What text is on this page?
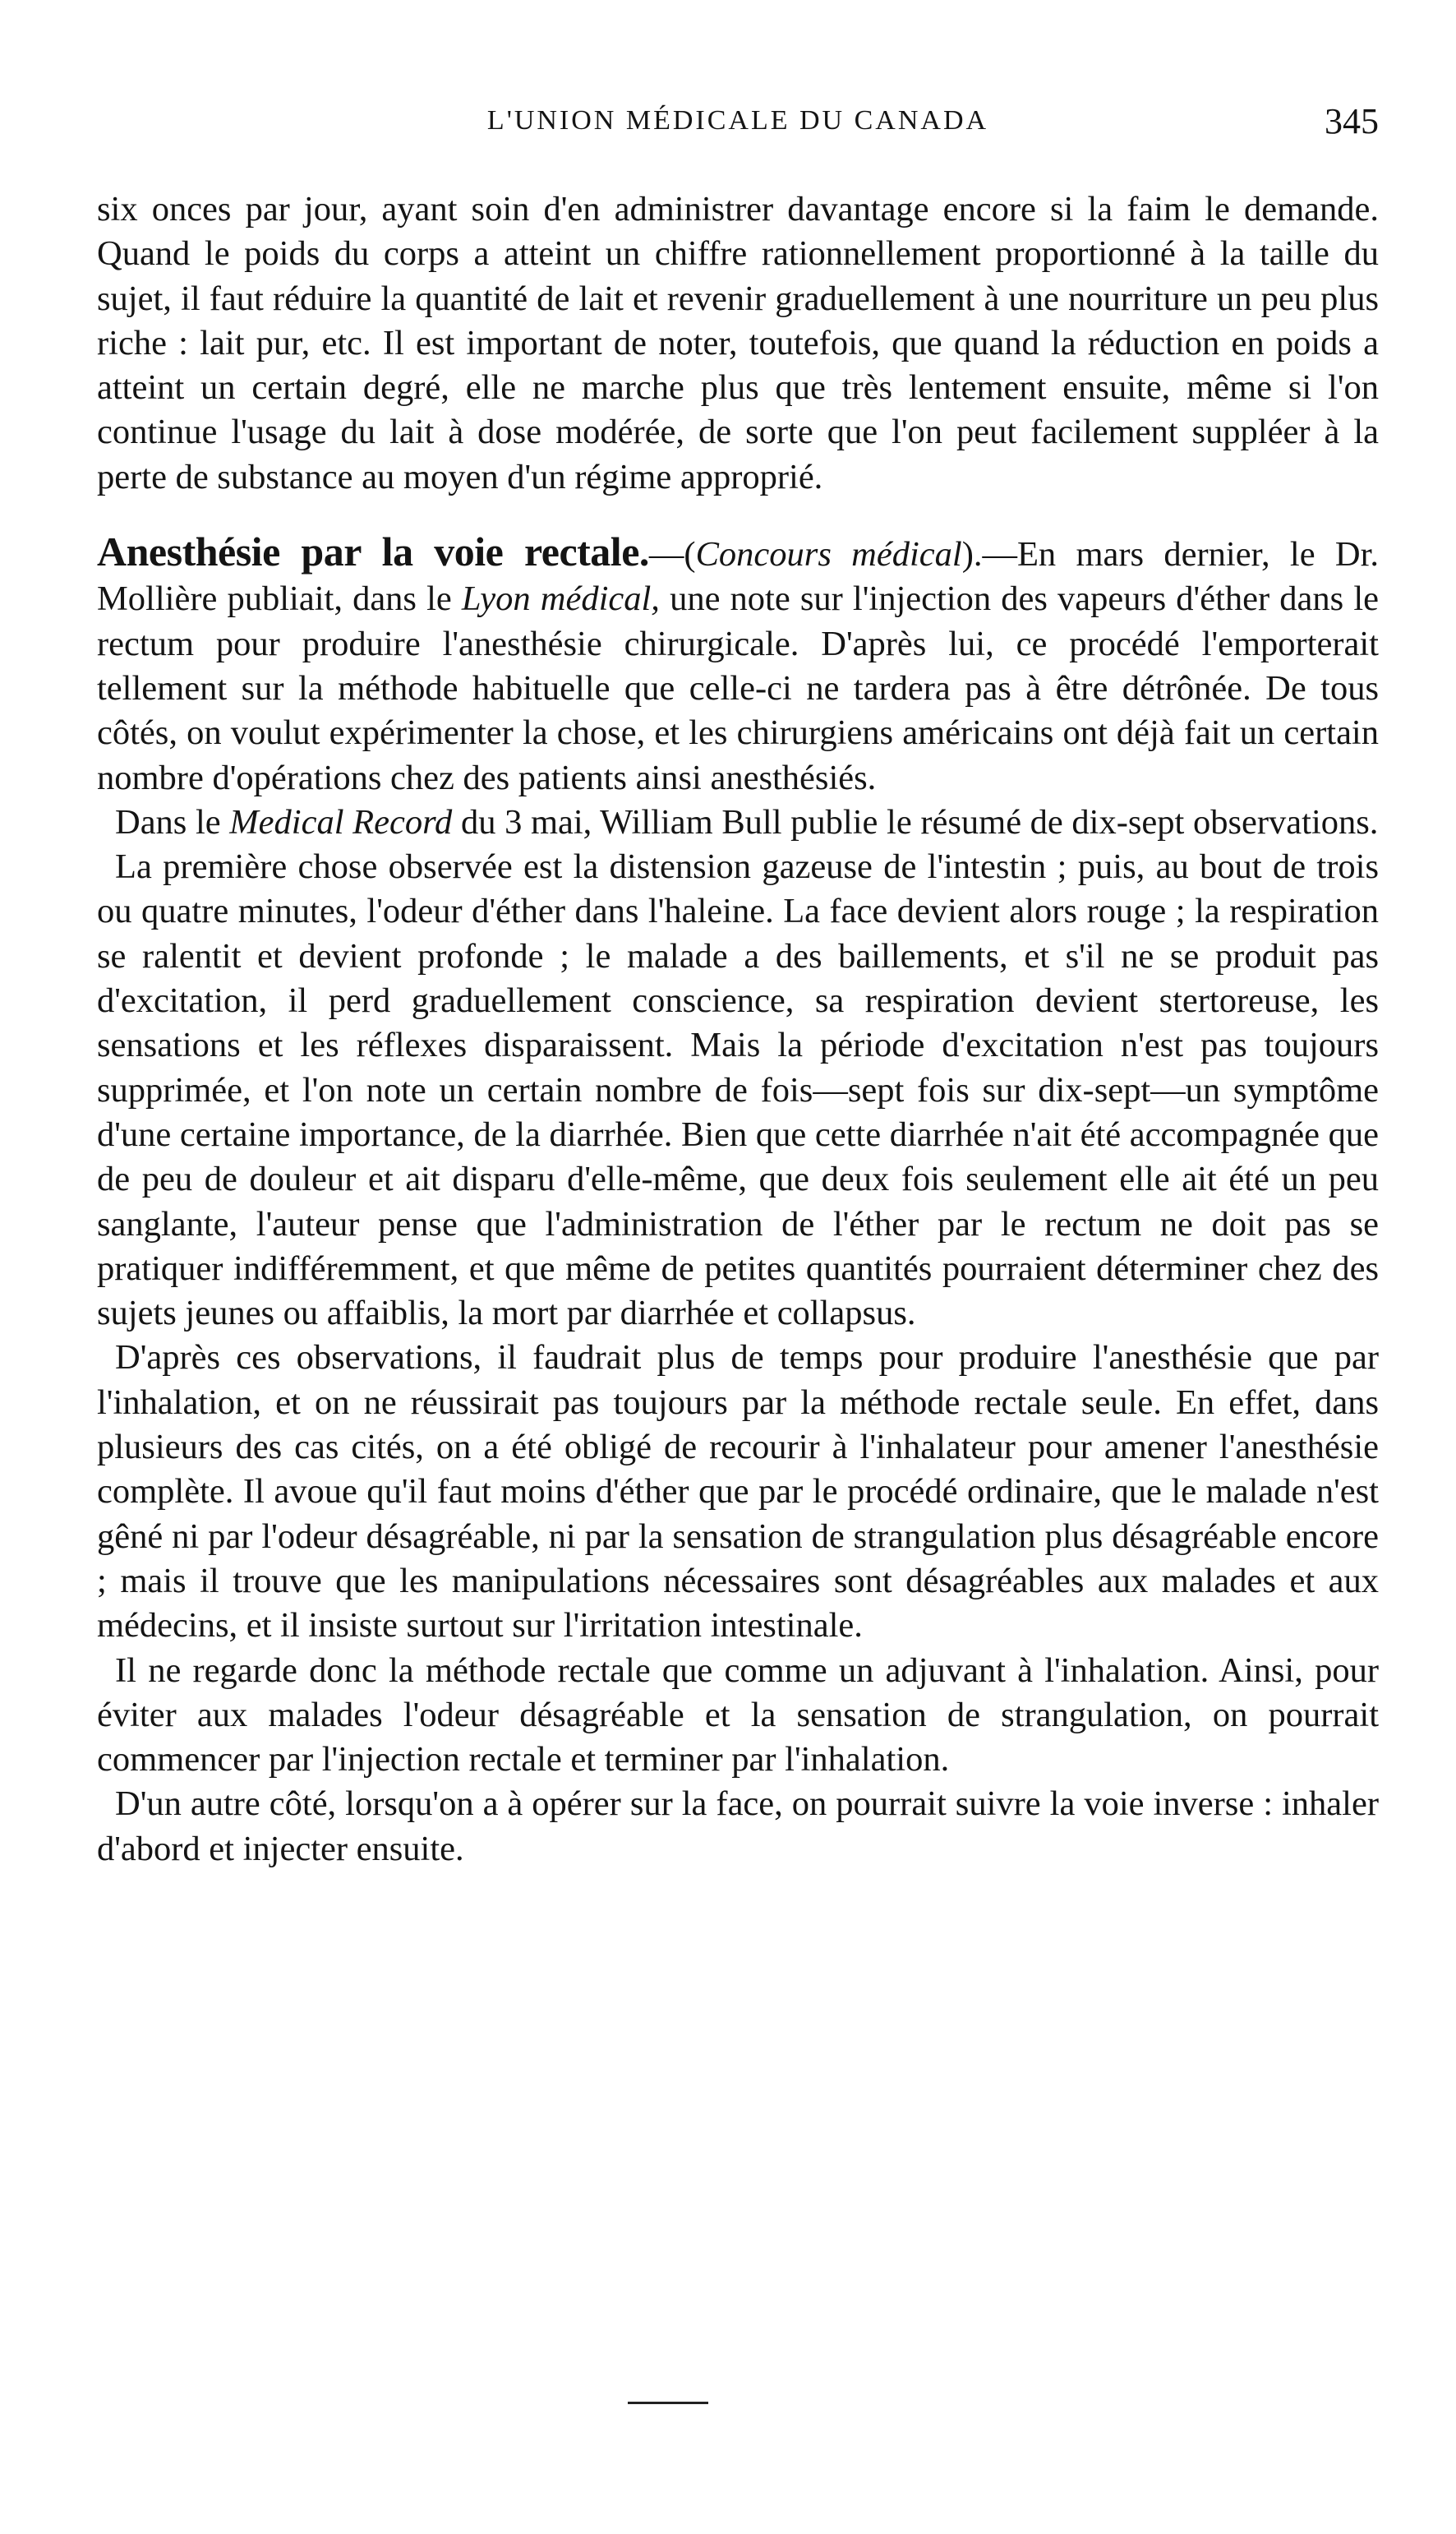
L'UNION MÉDICALE DU CANADA	345

six onces par jour, ayant soin d'en administrer davantage encore si la faim le demande. Quand le poids du corps a atteint un chiffre rationnellement proportionné à la taille du sujet, il faut réduire la quantité de lait et revenir graduellement à une nourriture un peu plus riche : lait pur, etc. Il est important de noter, toutefois, que quand la réduction en poids a atteint un certain degré, elle ne marche plus que très lentement ensuite, même si l'on continue l'usage du lait à dose modérée, de sorte que l'on peut facilement suppléer à la perte de substance au moyen d'un régime approprié.

Anesthésie par la voie rectale.—(Concours médical).—En mars dernier, le Dr. Mollière publiait, dans le Lyon médical, une note sur l'injection des vapeurs d'éther dans le rectum pour produire l'anesthésie chirurgicale. D'après lui, ce procédé l'emporterait tellement sur la méthode habituelle que celle-ci ne tardera pas à être détrônée. De tous côtés, on voulut expérimenter la chose, et les chirurgiens américains ont déjà fait un certain nombre d'opérations chez des patients ainsi anesthésiés.

Dans le Medical Record du 3 mai, William Bull publie le résumé de dix-sept observations.

La première chose observée est la distension gazeuse de l'intestin ; puis, au bout de trois ou quatre minutes, l'odeur d'éther dans l'haleine. La face devient alors rouge ; la respiration se ralentit et devient profonde ; le malade a des baillements, et s'il ne se produit pas d'excitation, il perd graduellement conscience, sa respiration devient stertoreuse, les sensations et les réflexes disparaissent. Mais la période d'excitation n'est pas toujours supprimée, et l'on note un certain nombre de fois—sept fois sur dix-sept—un symptôme d'une certaine importance, de la diarrhée. Bien que cette diarrhée n'ait été accompagnée que de peu de douleur et ait disparu d'elle-même, que deux fois seulement elle ait été un peu sanglante, l'auteur pense que l'administration de l'éther par le rectum ne doit pas se pratiquer indifféremment, et que même de petites quantités pourraient déterminer chez des sujets jeunes ou affaiblis, la mort par diarrhée et collapsus.

D'après ces observations, il faudrait plus de temps pour produire l'anesthésie que par l'inhalation, et on ne réussirait pas toujours par la méthode rectale seule. En effet, dans plusieurs des cas cités, on a été obligé de recourir à l'inhalateur pour amener l'anesthésie complète. Il avoue qu'il faut moins d'éther que par le procédé ordinaire, que le malade n'est gêné ni par l'odeur désagréable, ni par la sensation de strangulation plus désagréable encore ; mais il trouve que les manipulations nécessaires sont désagréables aux malades et aux médecins, et il insiste surtout sur l'irritation intestinale.

Il ne regarde donc la méthode rectale que comme un adjuvant à l'inhalation. Ainsi, pour éviter aux malades l'odeur désagréable et la sensation de strangulation, on pourrait commencer par l'injection rectale et terminer par l'inhalation.

D'un autre côté, lorsqu'on a à opérer sur la face, on pourrait suivre la voie inverse : inhaler d'abord et injecter ensuite.
